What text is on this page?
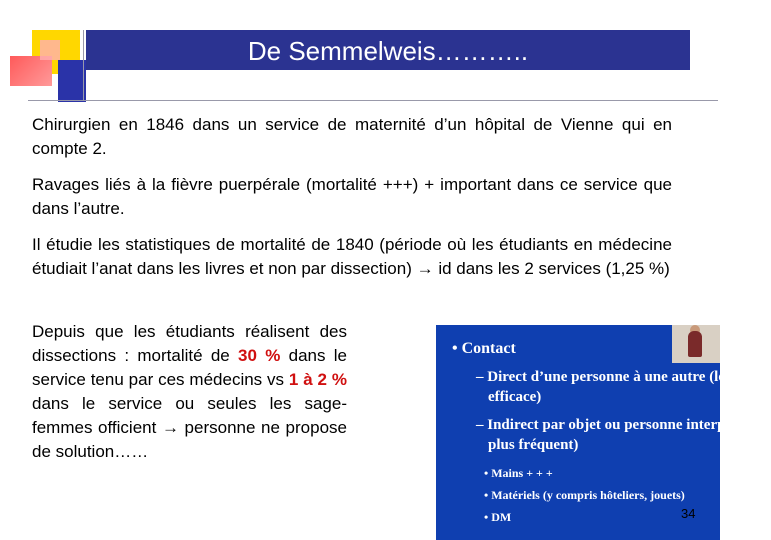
De Semmelweis………..

Chirurgien en 1846 dans un service de maternité d’un hôpital de Vienne qui en compte 2.

Ravages liés à la fièvre puerpérale (mortalité +++) + important dans ce service que dans l’autre.

Il étudie les statistiques de mortalité de 1840 (période où les étudiants en médecine étudiait l’anat dans les livres et non par dissection) → id dans les 2 services (1,25 %)

Depuis que les étudiants réalisent des dissections : mortalité de 30 % dans le service tenu par ces médecins vs 1 à 2 % dans le service ou seules les sage-femmes officient → personne ne propose de solution……

• Contact
– Direct d’une personne à une autre (le plus
efficace)
– Indirect par objet ou personne interposés (le
plus fréquent)
• Mains + + +
• Matériels (y compris hôteliers, jouets)
• DM	34
